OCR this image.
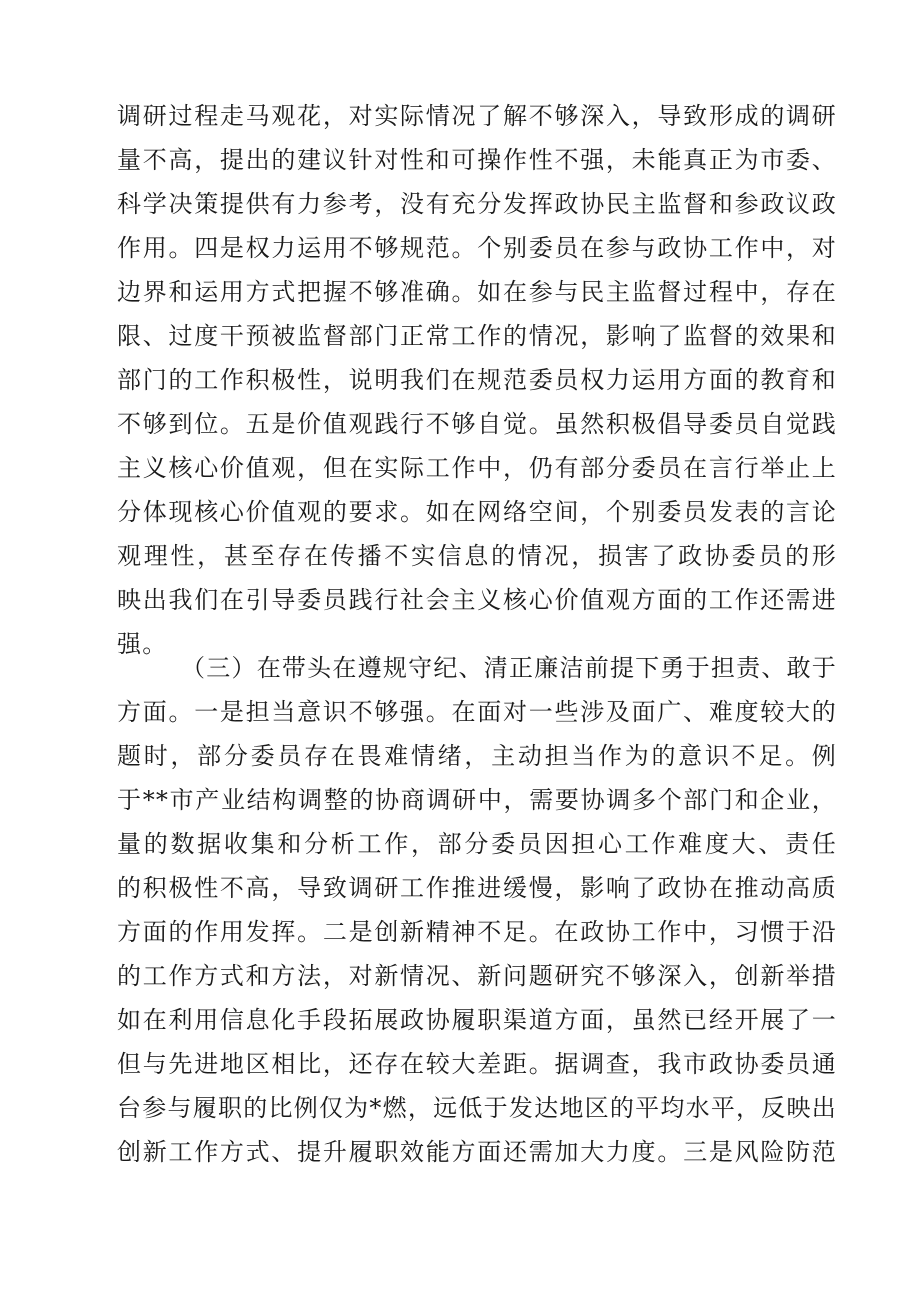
调研过程走马观花，对实际情况了解不够深入，导致形成的调研
量不高，提出的建议针对性和可操作性不强，未能真正为市委、
科学决策提供有力参考，没有充分发挥政协民主监督和参政议政
作用。四是权力运用不够规范。个别委员在参与政协工作中，对
边界和运用方式把握不够准确。如在参与民主监督过程中，存在
限、过度干预被监督部门正常工作的情况，影响了监督的效果和
部门的工作积极性，说明我们在规范委员权力运用方面的教育和
不够到位。五是价值观践行不够自觉。虽然积极倡导委员自觉践
主义核心价值观，但在实际工作中，仍有部分委员在言行举止上
分体现核心价值观的要求。如在网络空间，个别委员发表的言论
观理性，甚至存在传播不实信息的情况，损害了政协委员的形
映出我们在引导委员践行社会主义核心价值观方面的工作还需进
强。
（三）在带头在遵规守纪、清正廉洁前提下勇于担责、敢于
方面。一是担当意识不够强。在面对一些涉及面广、难度较大的
题时，部分委员存在畏难情绪，主动担当作为的意识不足。例
于**市产业结构调整的协商调研中，需要协调多个部门和企业，
量的数据收集和分析工作，部分委员因担心工作难度大、责任
的积极性不高，导致调研工作推进缓慢，影响了政协在推动高质
方面的作用发挥。二是创新精神不足。在政协工作中，习惯于沿
的工作方式和方法，对新情况、新问题研究不够深入，创新举措
如在利用信息化手段拓展政协履职渠道方面，虽然已经开展了一
但与先进地区相比，还存在较大差距。据调查，我市政协委员通
台参与履职的比例仅为*燃，远低于发达地区的平均水平，反映出
创新工作方式、提升履职效能方面还需加大力度。三是风险防范
